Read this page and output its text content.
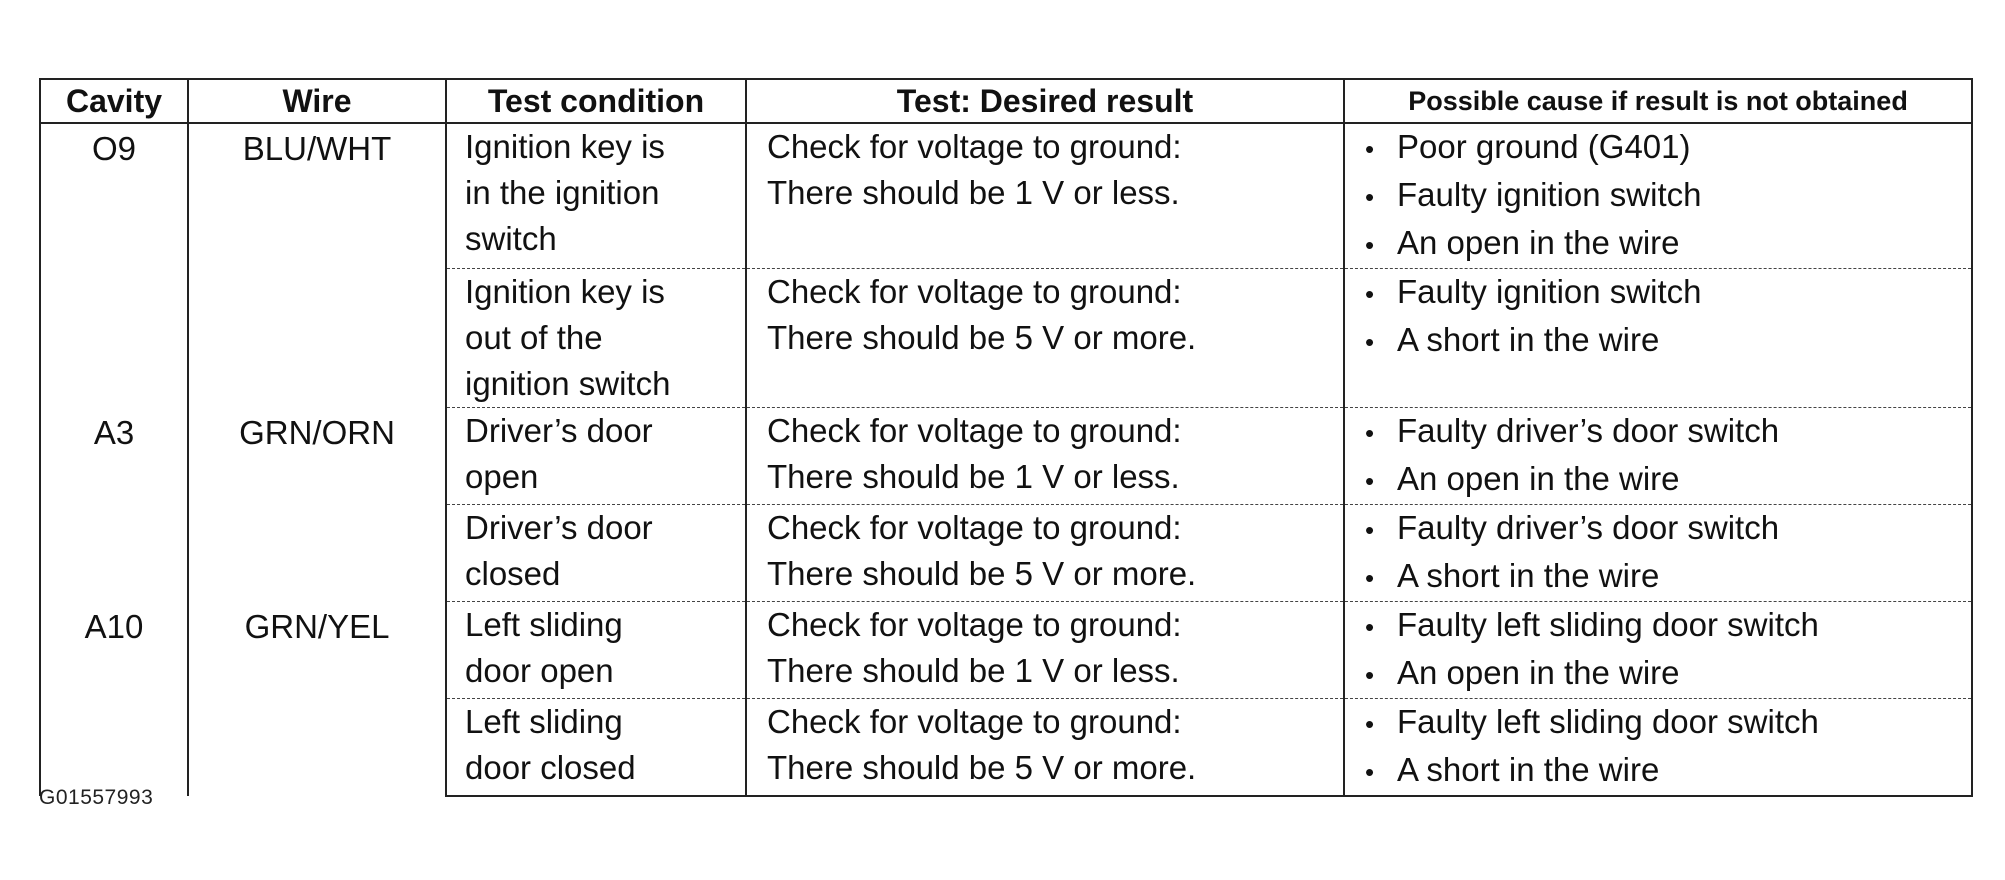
Cavity	Wire	Test condition	Test: Desired result	Possible cause if result is not obtained
O9	BLU/WHT	Ignition key is
in the ignition
switch	Check for voltage to ground:
There should be 1 V or less.	• Poor ground (G401)
• Faulty ignition switch
• An open in the wire

		Ignition key is
out of the
ignition switch	Check for voltage to ground:
There should be 5 V or more.	• Faulty ignition switch
• A short in the wire

A3	GRN/ORN	Driver’s door
open	Check for voltage to ground:
There should be 1 V or less.	• Faulty driver’s door switch
• An open in the wire

		Driver’s door
closed	Check for voltage to ground:
There should be 5 V or more.	• Faulty driver’s door switch
• A short in the wire

A10	GRN/YEL	Left sliding
door open	Check for voltage to ground:
There should be 1 V or less.	• Faulty left sliding door switch
• An open in the wire

		Left sliding
door closed	Check for voltage to ground:
There should be 5 V or more.	• Faulty left sliding door switch
• A short in the wire
G01557993
